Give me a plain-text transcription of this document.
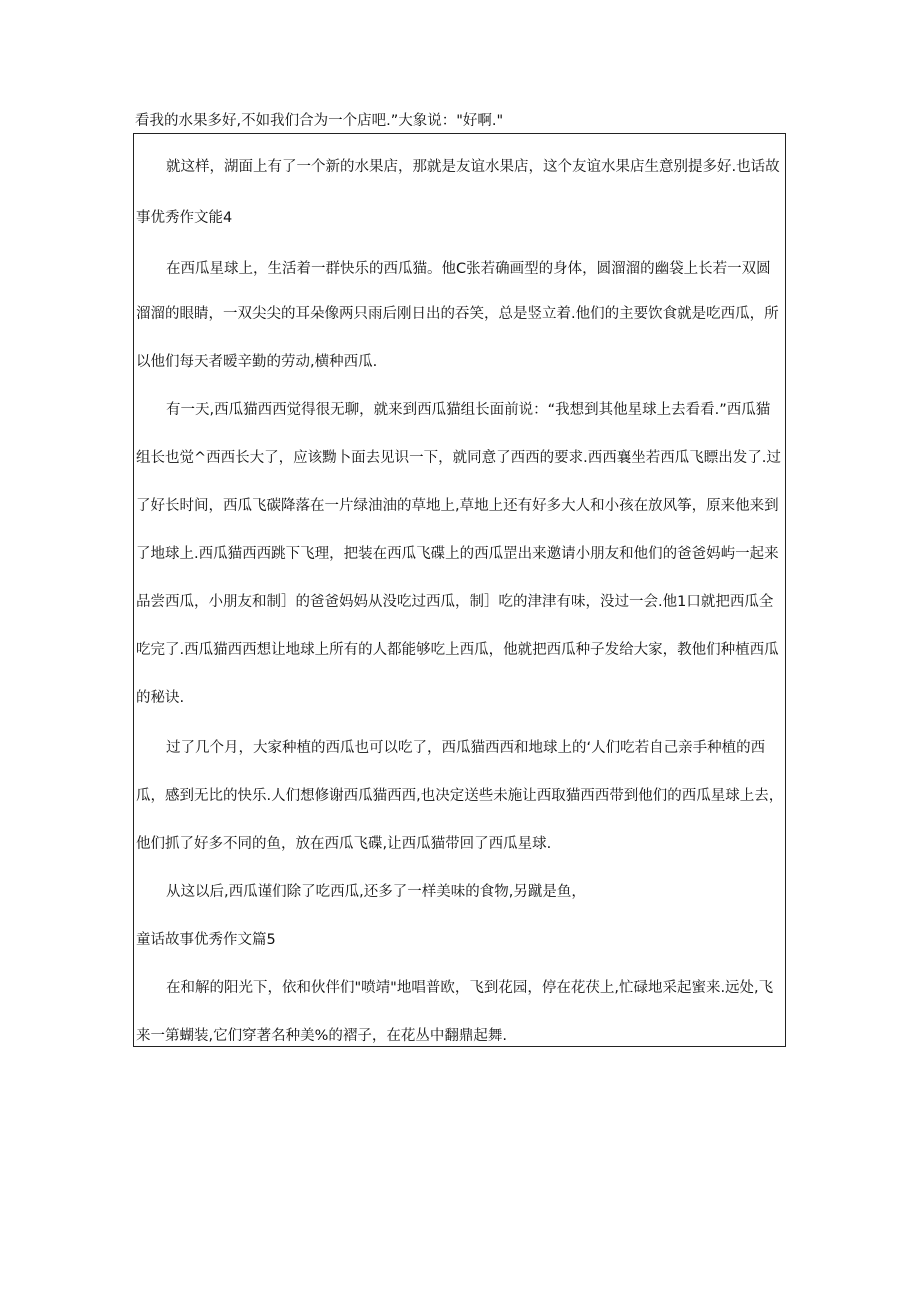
看我的水果多好,不如我们合为一个店吧.”大象说："好啊."
就这样，湖面上有了一个新的水果店，那就是友谊水果店，这个友谊水果店生意别提多好.也话故
事优秀作文能4
在西瓜星球上，生活着一群快乐的西瓜猫。他C张若确画型的身体，圆溜溜的幽袋上长若一双圆
溜溜的眼睛，一双尖尖的耳朵像两只雨后刚日出的吞笑，总是竖立着.他们的主要饮食就是吃西瓜，所
以他们每天者暧辛勤的劳动,横种西瓜.
有一天,西瓜猫西西觉得很无聊，就来到西瓜猫组长面前说：“我想到其他星球上去看看.”西瓜猫
组长也觉^西西长大了，应该黝卜面去见识一下，就同意了西西的要求.西西襄坐若西瓜飞瞟出发了.过
了好长时间，西瓜飞碳降落在一片绿油油的草地上,草地上还有好多大人和小孩在放风筝，原来他来到
了地球上.西瓜猫西西跳下飞理，把装在西瓜飞碟上的西瓜罡出来邀请小朋友和他们的爸爸妈屿一起来
品尝西瓜，小朋友和制］的爸爸妈妈从没吃过西瓜，制］吃的津津有味，没过一会.他1口就把西瓜全
吃完了.西瓜猫西西想让地球上所有的人都能够吃上西瓜，他就把西瓜种子发给大家，教他们种植西瓜
的秘诀.
过了几个月，大家种植的西瓜也可以吃了，西瓜猫西西和地球上的‘人们吃若自己亲手种植的西
瓜，感到无比的快乐.人们想修谢西瓜猫西西,也决定送些未施让西取猫西西带到他们的西瓜星球上去，
他们抓了好多不同的鱼，放在西瓜飞碟,让西瓜猫带回了西瓜星球.
从这以后,西瓜谨们除了吃西瓜,还多了一样美味的食物,另蹴是鱼，
童话故事优秀作文篇5
在和解的阳光下，依和伙伴们"喷靖"地唱普欧，飞到花园，停在花茯上,忙碌地采起蜜来.远处,飞
来一第蝴装,它们穿著名种美%的褶子，在花丛中翻鼎起舞.
